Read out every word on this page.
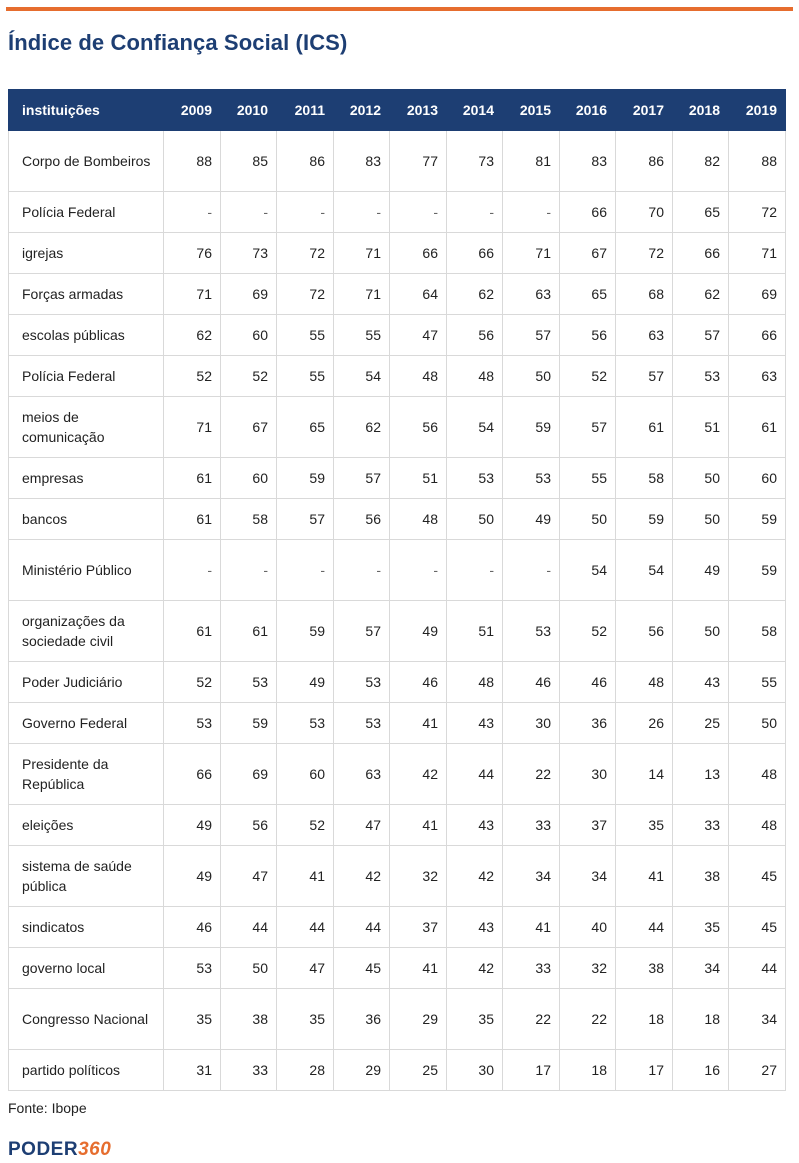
Índice de Confiança Social (ICS)
instituições	2009	2010	2011	2012	2013	2014	2015	2016	2017	2018	2019
Corpo de Bombeiros	88	85	86	83	77	73	81	83	86	82	88
Polícia Federal	-	-	-	-	-	-	-	66	70	65	72
igrejas	76	73	72	71	66	66	71	67	72	66	71
Forças armadas	71	69	72	71	64	62	63	65	68	62	69
escolas públicas	62	60	55	55	47	56	57	56	63	57	66
Polícia Federal	52	52	55	54	48	48	50	52	57	53	63
meios de comunicação	71	67	65	62	56	54	59	57	61	51	61
empresas	61	60	59	57	51	53	53	55	58	50	60
bancos	61	58	57	56	48	50	49	50	59	50	59
Ministério Público	-	-	-	-	-	-	-	54	54	49	59
organizações da sociedade civil	61	61	59	57	49	51	53	52	56	50	58
Poder Judiciário	52	53	49	53	46	48	46	46	48	43	55
Governo Federal	53	59	53	53	41	43	30	36	26	25	50
Presidente da República	66	69	60	63	42	44	22	30	14	13	48
eleições	49	56	52	47	41	43	33	37	35	33	48
sistema de saúde pública	49	47	41	42	32	42	34	34	41	38	45
sindicatos	46	44	44	44	37	43	41	40	44	35	45
governo local	53	50	47	45	41	42	33	32	38	34	44
Congresso Nacional	35	38	35	36	29	35	22	22	18	18	34
partido políticos	31	33	28	29	25	30	17	18	17	16	27
Fonte: Ibope
PODER360
